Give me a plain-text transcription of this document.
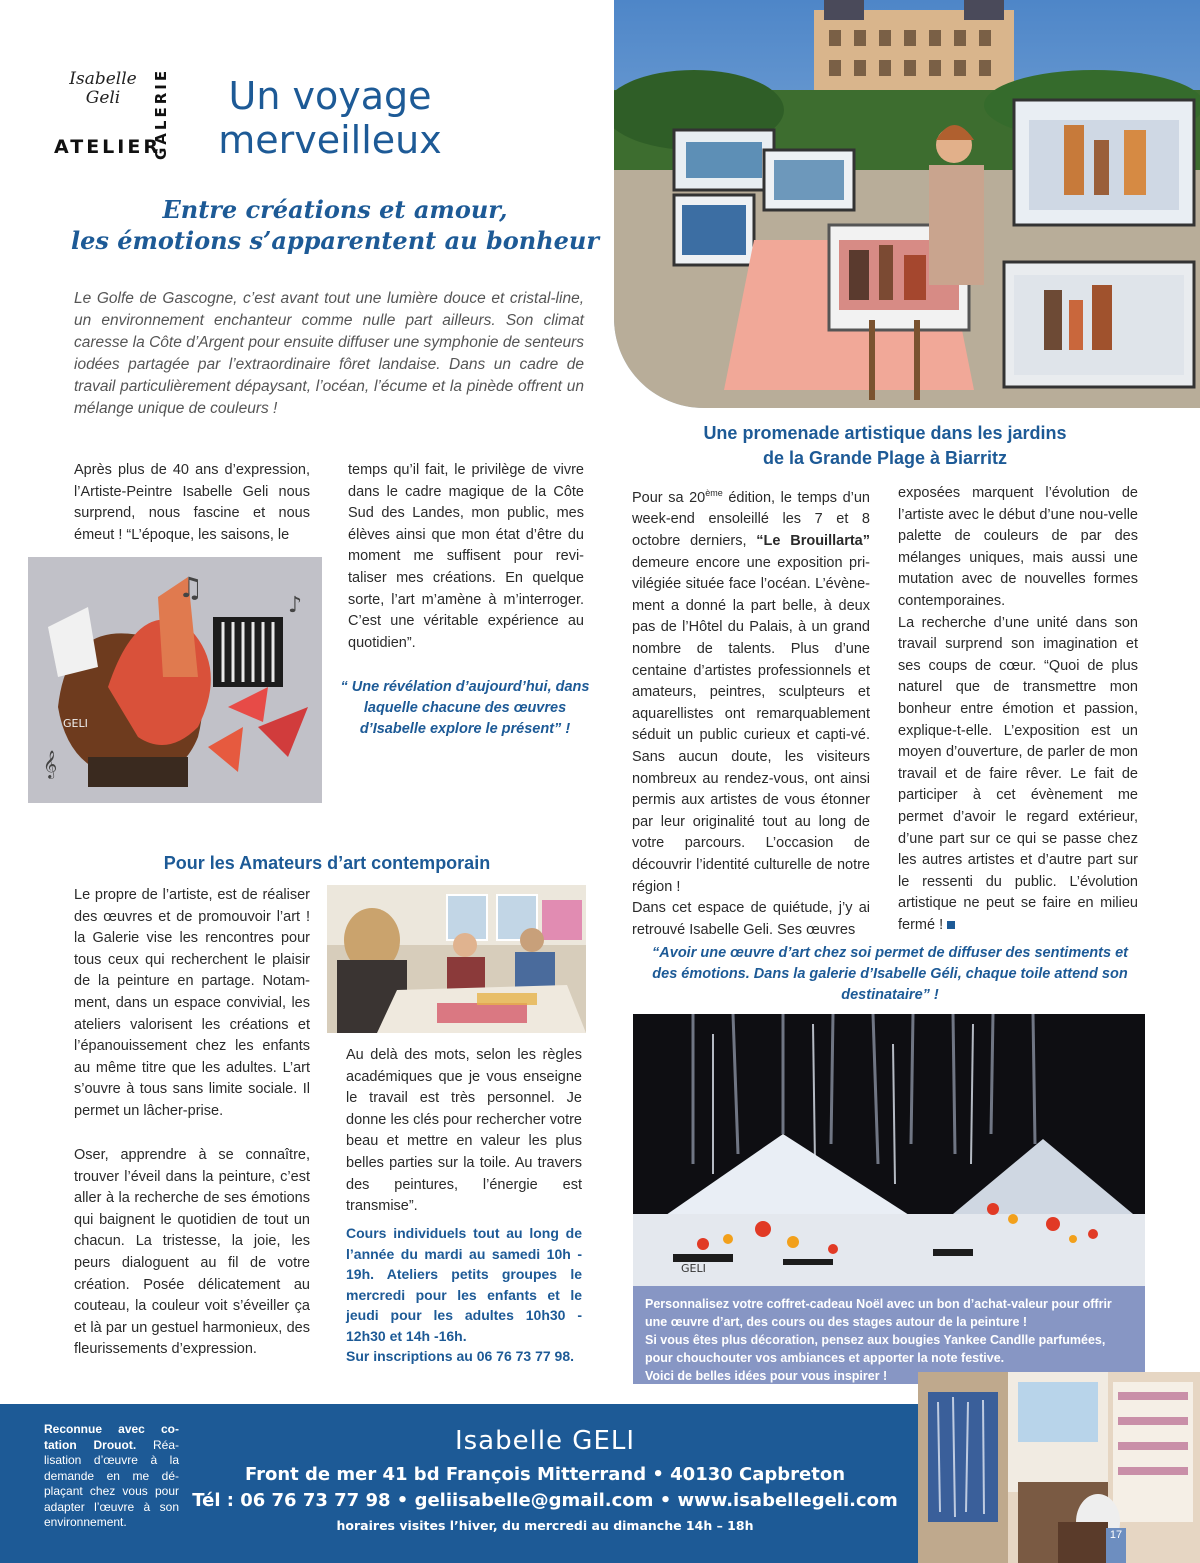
Isabelle
Geli
ATELIER
GALERIE	Un voyage
merveilleux
Entre créations et amour,
les émotions s’apparentent au bonheur
Le Golfe de Gascogne, c’est avant tout une lumière douce et cristal-line, un environnement enchanteur comme nulle part ailleurs. Son climat caresse la Côte d’Argent pour ensuite diffuser une symphonie de senteurs iodées partagée par l’extraordinaire fôret landaise. Dans un cadre de travail particulièrement dépaysant, l’océan, l’écume et la pinède offrent un mélange unique de couleurs !
Après plus de 40 ans d’expression, l’Artiste-Peintre Isabelle Geli nous surprend, nous fascine et nous émeut ! “L’époque, les saisons, le
♫
♪
𝄞
GELI
temps qu’il fait, le privilège de vivre dans le cadre magique de la Côte Sud des Landes, mon public, mes élèves ainsi que mon état d’être du moment me suffisent pour revi-taliser mes créations. En quelque sorte, l’art m’amène à m’interroger. C’est une véritable expérience au quotidien”.
“ Une révélation d’aujourd’hui, dans laquelle chacune des œuvres d’Isabelle explore le présent” !
Pour les Amateurs d’art contemporain
Le propre de l’artiste, est de réaliser des œuvres et de promouvoir l’art ! la Galerie vise les rencontres pour tous ceux qui recherchent le plaisir de la peinture en partage. Notam-ment, dans un espace convivial, les ateliers valorisent les créations et l’épanouissement chez les enfants au même titre que les adultes. L’art s’ouvre à tous sans limite sociale. Il permet un lâcher-prise.
Oser, apprendre à se connaître, trouver l’éveil dans la peinture, c’est aller à la recherche de ses émotions qui baignent le quotidien de tout un chacun. La tristesse, la joie, les peurs dialoguent au fil de votre création. Posée délicatement au couteau, la couleur voit s’éveiller ça et là par un gestuel harmonieux, des fleurissements d’expression.
Au delà des mots, selon les règles académiques que je vous enseigne le travail est très personnel. Je donne les clés pour rechercher votre beau et mettre en valeur les plus belles parties sur la toile. Au travers des peintures, l’énergie est transmise”.
Cours individuels tout au long de l’année du mardi au samedi 10h - 19h. Ateliers petits groupes le mercredi pour les enfants et le jeudi pour les adultes 10h30 - 12h30 et 14h -16h.
Sur inscriptions au 06 76 73 77 98.
Une promenade artistique dans les jardins
de la Grande Plage à Biarritz
Pour sa 20ème édition, le temps d’un week-end ensoleillé les 7 et 8 octobre derniers, “Le Brouillarta” demeure encore une exposition pri-vilégiée située face l’océan. L’évène-ment a donné la part belle, à deux pas de l’Hôtel du Palais, à un grand nombre de talents. Plus d’une centaine d’artistes professionnels et amateurs, peintres, sculpteurs et aquarellistes ont remarquablement séduit un public curieux et capti-vé. Sans aucun doute, les visiteurs nombreux au rendez-vous, ont ainsi permis aux artistes de vous étonner par leur originalité tout au long de votre parcours. L’occasion de découvrir l’identité culturelle de notre région !
Dans cet espace de quiétude, j’y ai retrouvé Isabelle Geli. Ses œuvres
exposées marquent l’évolution de l’artiste avec le début d’une nou-velle palette de couleurs de par des mélanges uniques, mais aussi une mutation avec de nouvelles formes contemporaines.
La recherche d’une unité dans son travail surprend son imagination et ses coups de cœur. “Quoi de plus naturel que de transmettre mon bonheur entre émotion et passion, explique-t-elle. L’exposition est un moyen d’ouverture, de parler de mon travail et de faire rêver. Le fait de participer à cet évènement me permet d’avoir le regard extérieur, d’une part sur ce qui se passe chez les autres artistes et d’autre part sur le ressenti du public. L’évolution artistique ne peut se faire en milieu fermé !
“Avoir une œuvre d’art chez soi permet de diffuser des sentiments et des émotions. Dans la galerie d’Isabelle Géli, chaque toile attend son destinataire” !
GELI
Personnalisez votre coffret-cadeau Noël avec un bon d’achat-valeur pour offrir
une œuvre d’art, des cours ou des stages autour de la peinture !
Si vous êtes plus décoration, pensez aux bougies Yankee Candlle parfumées,
pour chouchouter vos ambiances et apporter la note festive.
Voici de belles idées pour vous inspirer !
Reconnue avec co-tation Drouot. Réa-lisation d’œuvre à la demande en me dé-plaçant chez vous pour adapter l’œuvre à son environnement.
Isabelle GELI
Front de mer 41 bd François Mitterrand • 40130 Capbreton
Tél : 06 76 73 77 98 • geliisabelle@gmail.com • www.isabellegeli.com
horaires visites l’hiver, du mercredi au dimanche 14h – 18h
17
